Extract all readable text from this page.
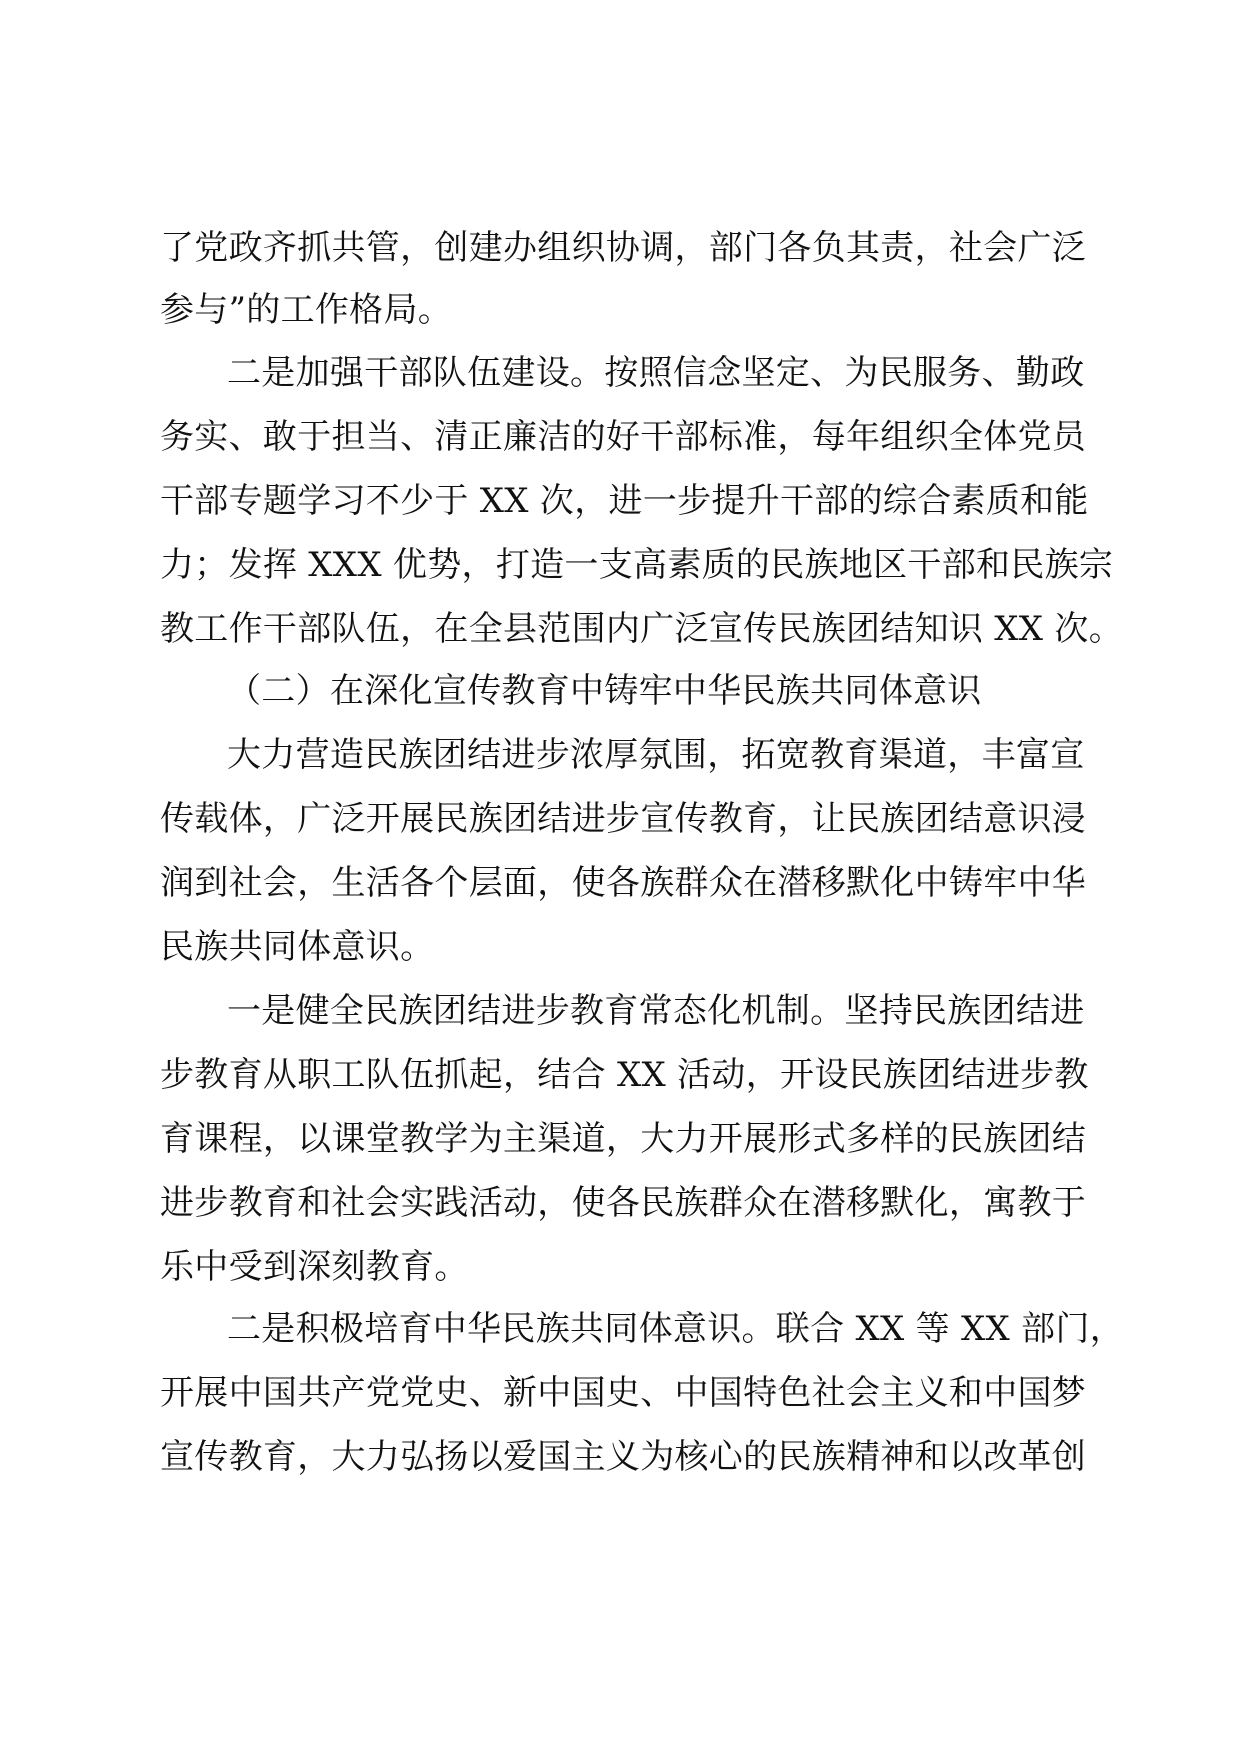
了党政齐抓共管，创建办组织协调，部门各负其责，社会广泛
参与”的工作格局。
二是加强干部队伍建设。按照信念坚定、为民服务、勤政
务实、敢于担当、清正廉洁的好干部标准，每年组织全体党员
干部专题学习不少于 XX 次，进一步提升干部的综合素质和能
力；发挥 XXX 优势，打造一支高素质的民族地区干部和民族宗
教工作干部队伍，在全县范围内广泛宣传民族团结知识 XX 次。
（二）在深化宣传教育中铸牢中华民族共同体意识
大力营造民族团结进步浓厚氛围，拓宽教育渠道，丰富宣
传载体，广泛开展民族团结进步宣传教育，让民族团结意识浸
润到社会，生活各个层面，使各族群众在潜移默化中铸牢中华
民族共同体意识。
一是健全民族团结进步教育常态化机制。坚持民族团结进
步教育从职工队伍抓起，结合 XX 活动，开设民族团结进步教
育课程，以课堂教学为主渠道，大力开展形式多样的民族团结
进步教育和社会实践活动，使各民族群众在潜移默化，寓教于
乐中受到深刻教育。
二是积极培育中华民族共同体意识。联合 XX 等 XX 部门，
开展中国共产党党史、新中国史、中国特色社会主义和中国梦
宣传教育，大力弘扬以爱国主义为核心的民族精神和以改革创
